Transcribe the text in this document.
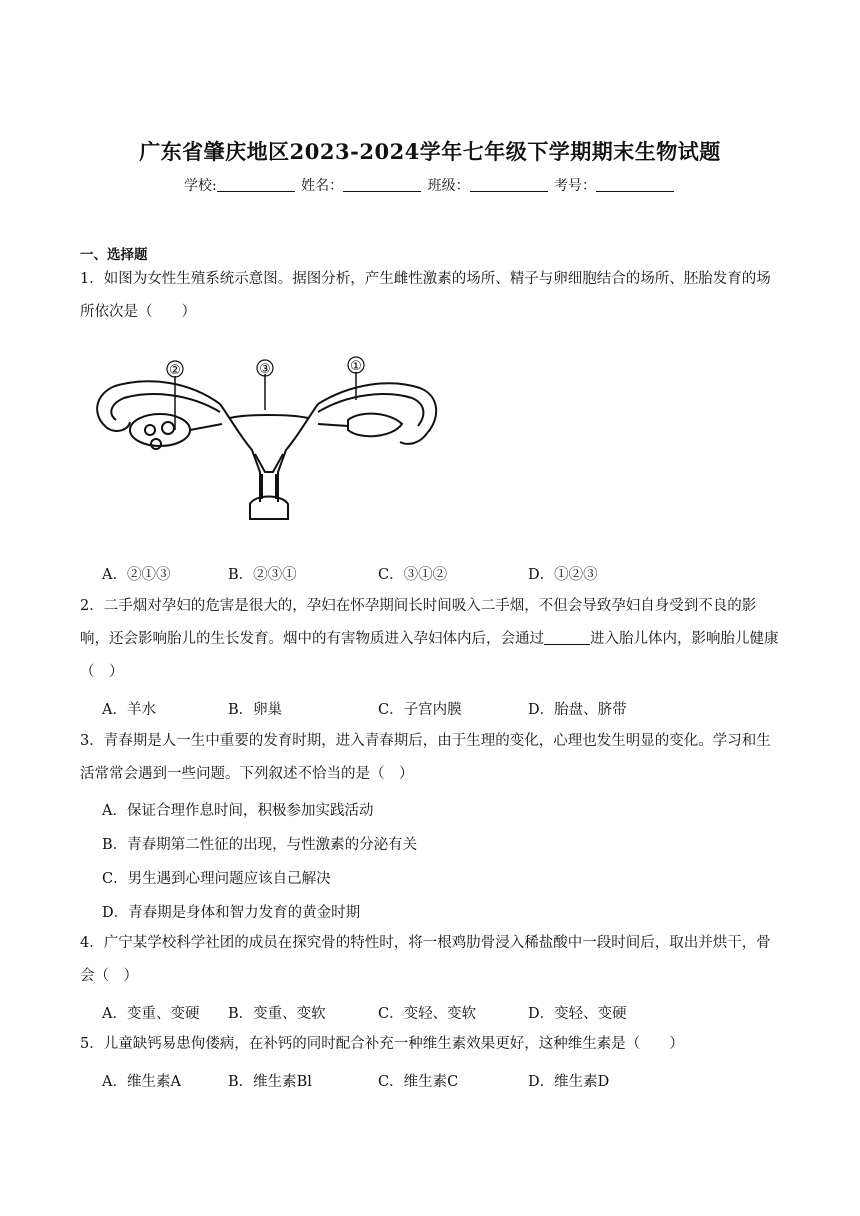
广东省肇庆地区2023-2024学年七年级下学期期末生物试题
学校:	姓名：	班级：	考号：
一、选择题
1．如图为女性生殖系统示意图。据图分析，产生雌性激素的场所、精子与卵细胞结合的场所、胚胎发育的场所依次是（　　）
②	③	①
A．②①③	B．②③①	C．③①②	D．①②③
2．二手烟对孕妇的危害是很大的，孕妇在怀孕期间长时间吸入二手烟，不但会导致孕妇自身受到不良的影响，还会影响胎儿的生长发育。烟中的有害物质进入孕妇体内后，会通过	进入胎儿体内，影响胎儿健康（　）
A．羊水	B．卵巢	C．子宫内膜	D．胎盘、脐带
3．青春期是人一生中重要的发育时期，进入青春期后，由于生理的变化，心理也发生明显的变化。学习和生活常常会遇到一些问题。下列叙述不恰当的是（　）
A．保证合理作息时间，积极参加实践活动
B．青春期第二性征的出现，与性激素的分泌有关
C．男生遇到心理问题应该自己解决
D．青春期是身体和智力发育的黄金时期
4．广宁某学校科学社团的成员在探究骨的特性时，将一根鸡肋骨浸入稀盐酸中一段时间后，取出并烘干，骨会（　）
A．变重、变硬 B．变重、变软	C．变轻、变软	D．变轻、变硬
5．儿童缺钙易患佝偻病，在补钙的同时配合补充一种维生素效果更好，这种维生素是（　　）
A．维生素A	B．维生素Bl	C．维生素C	D．维生素D
